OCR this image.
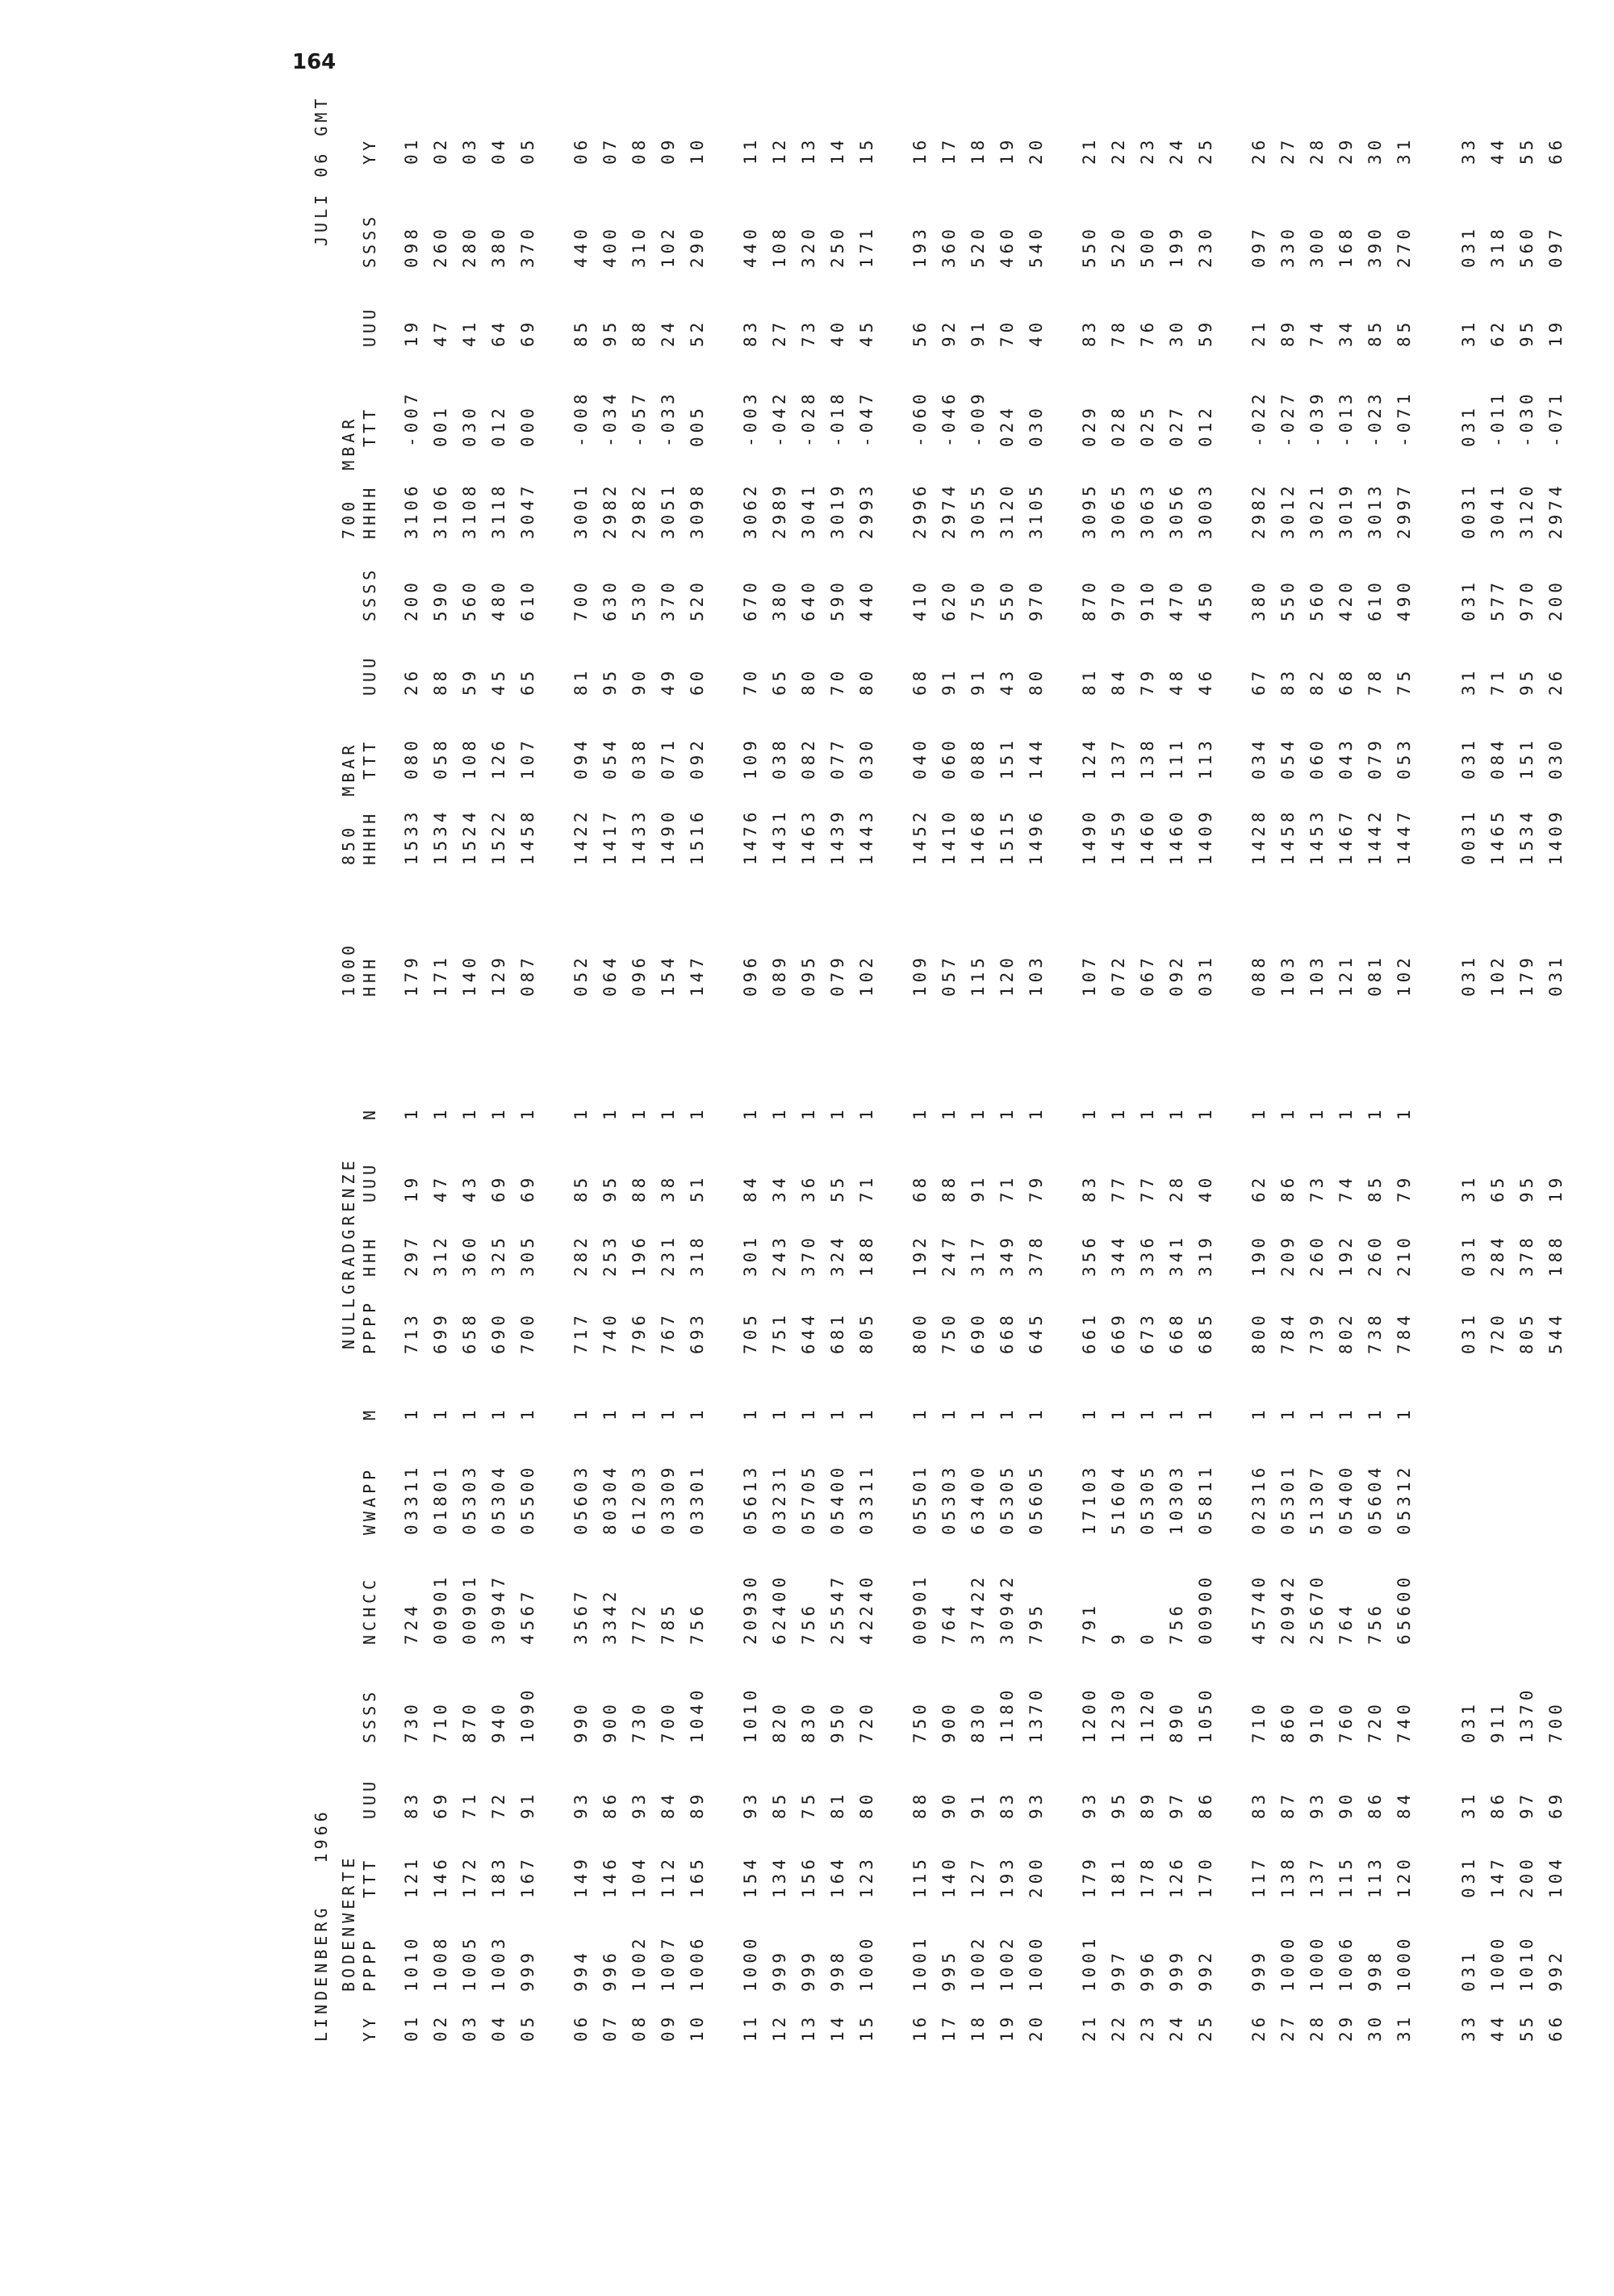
164

LINDENBERG   1966

BODENWERTE

NULLGRADGRENZE

1000

850  MBAR

700  MBAR

JULI 06 GMT

YY
PPPP
TTT
UUU
SSSS
NCHCC
WWAPP
M
PPPP
HHH
UUU
N
HHH
HHHH
TTT
UUU
SSSS
HHHH
TTT
UUU
SSSS
YY
01
1010
121
83
730
724
03311
1
713
297
19
1
179
1533
080
26
200
3106
-007
19
098
01
02
1008
146
69
710
00901
01801
1
699
312
47
1
171
1534
058
88
590
3106
001
47
260
02
03
1005
172
71
870
00901
05303
1
658
360
43
1
140
1524
108
59
560
3108
030
41
280
03
04
1003
183
72
940
30947
05304
1
690
325
69
1
129
1522
126
45
480
3118
012
64
380
04
05
999
167
91
1090
4567
05500
1
700
305
69
1
087
1458
107
65
610
3047
000
69
370
05
06
994
149
93
990
3567
05603
1
717
282
85
1
052
1422
094
81
700
3001
-008
85
440
06
07
996
146
86
900
3342
80304
1
740
253
95
1
064
1417
054
95
630
2982
-034
95
400
07
08
1002
104
93
730
772
61203
1
796
196
88
1
096
1433
038
90
530
2982
-057
88
310
08
09
1007
112
84
700
785
03309
1
767
231
38
1
154
1490
071
49
370
3051
-033
24
102
09
10
1006
165
89
1040
756
03301
1
693
318
51
1
147
1516
092
60
520
3098
005
52
290
10
11
1000
154
93
1010
20930
05613
1
705
301
84
1
096
1476
109
70
670
3062
-003
83
440
11
12
999
134
85
820
62400
03231
1
751
243
34
1
089
1431
038
65
380
2989
-042
27
108
12
13
999
156
75
830
756
05705
1
644
370
36
1
095
1463
082
80
640
3041
-028
73
320
13
14
998
164
81
950
25547
05400
1
681
324
55
1
079
1439
077
70
590
3019
-018
40
250
14
15
1000
123
80
720
42240
03311
1
805
188
71
1
102
1443
030
80
440
2993
-047
45
171
15
16
1001
115
88
750
00901
05501
1
800
192
68
1
109
1452
040
68
410
2996
-060
56
193
16
17
995
140
90
900
764
05303
1
750
247
88
1
057
1410
060
91
620
2974
-046
92
360
17
18
1002
127
91
830
37422
63400
1
690
317
91
1
115
1468
088
91
750
3055
-009
91
520
18
19
1002
193
83
1180
30942
05305
1
668
349
71
1
120
1515
151
43
550
3120
024
70
460
19
20
1000
200
93
1370
795
05605
1
645
378
79
1
103
1496
144
80
970
3105
030
40
540
20
21
1001
179
93
1200
791
17103
1
661
356
83
1
107
1490
124
81
870
3095
029
83
550
21
22
997
181
95
1230
9
51604
1
669
344
77
1
072
1459
137
84
970
3065
028
78
520
22
23
996
178
89
1120
0
05305
1
673
336
77
1
067
1460
138
79
910
3063
025
76
500
23
24
999
126
97
890
756
10303
1
668
341
28
1
092
1460
111
48
470
3056
027
30
199
24
25
992
170
86
1050
00900
05811
1
685
319
40
1
031
1409
113
46
450
3003
012
59
230
25
26
999
117
83
710
45740
02316
1
800
190
62
1
088
1428
034
67
380
2982
-022
21
097
26
27
1000
138
87
860
20942
05301
1
784
209
86
1
103
1458
054
83
550
3012
-027
89
330
27
28
1000
137
93
910
25670
51307
1
739
260
73
1
103
1453
060
82
560
3021
-039
74
300
28
29
1006
115
90
760
764
05400
1
802
192
74
1
121
1467
043
68
420
3019
-013
34
168
29
30
998
113
86
720
756
05604
1
738
260
85
1
081
1442
079
78
610
3013
-023
85
390
30
31
1000
120
84
740
65600
05312
1
784
210
79
1
102
1447
053
75
490
2997
-071
85
270
31
33
031
031
31
031
031
031
31
031
0031
031
31
031
0031
031
31
031
33
44
1000
147
86
911
720
284
65
102
1465
084
71
577
3041
-011
62
318
44
55
1010
200
97
1370
805
378
95
179
1534
151
95
970
3120
-030
95
560
55
66
992
104
69
700
544
188
19
031
1409
030
26
200
2974
-071
19
097
66
